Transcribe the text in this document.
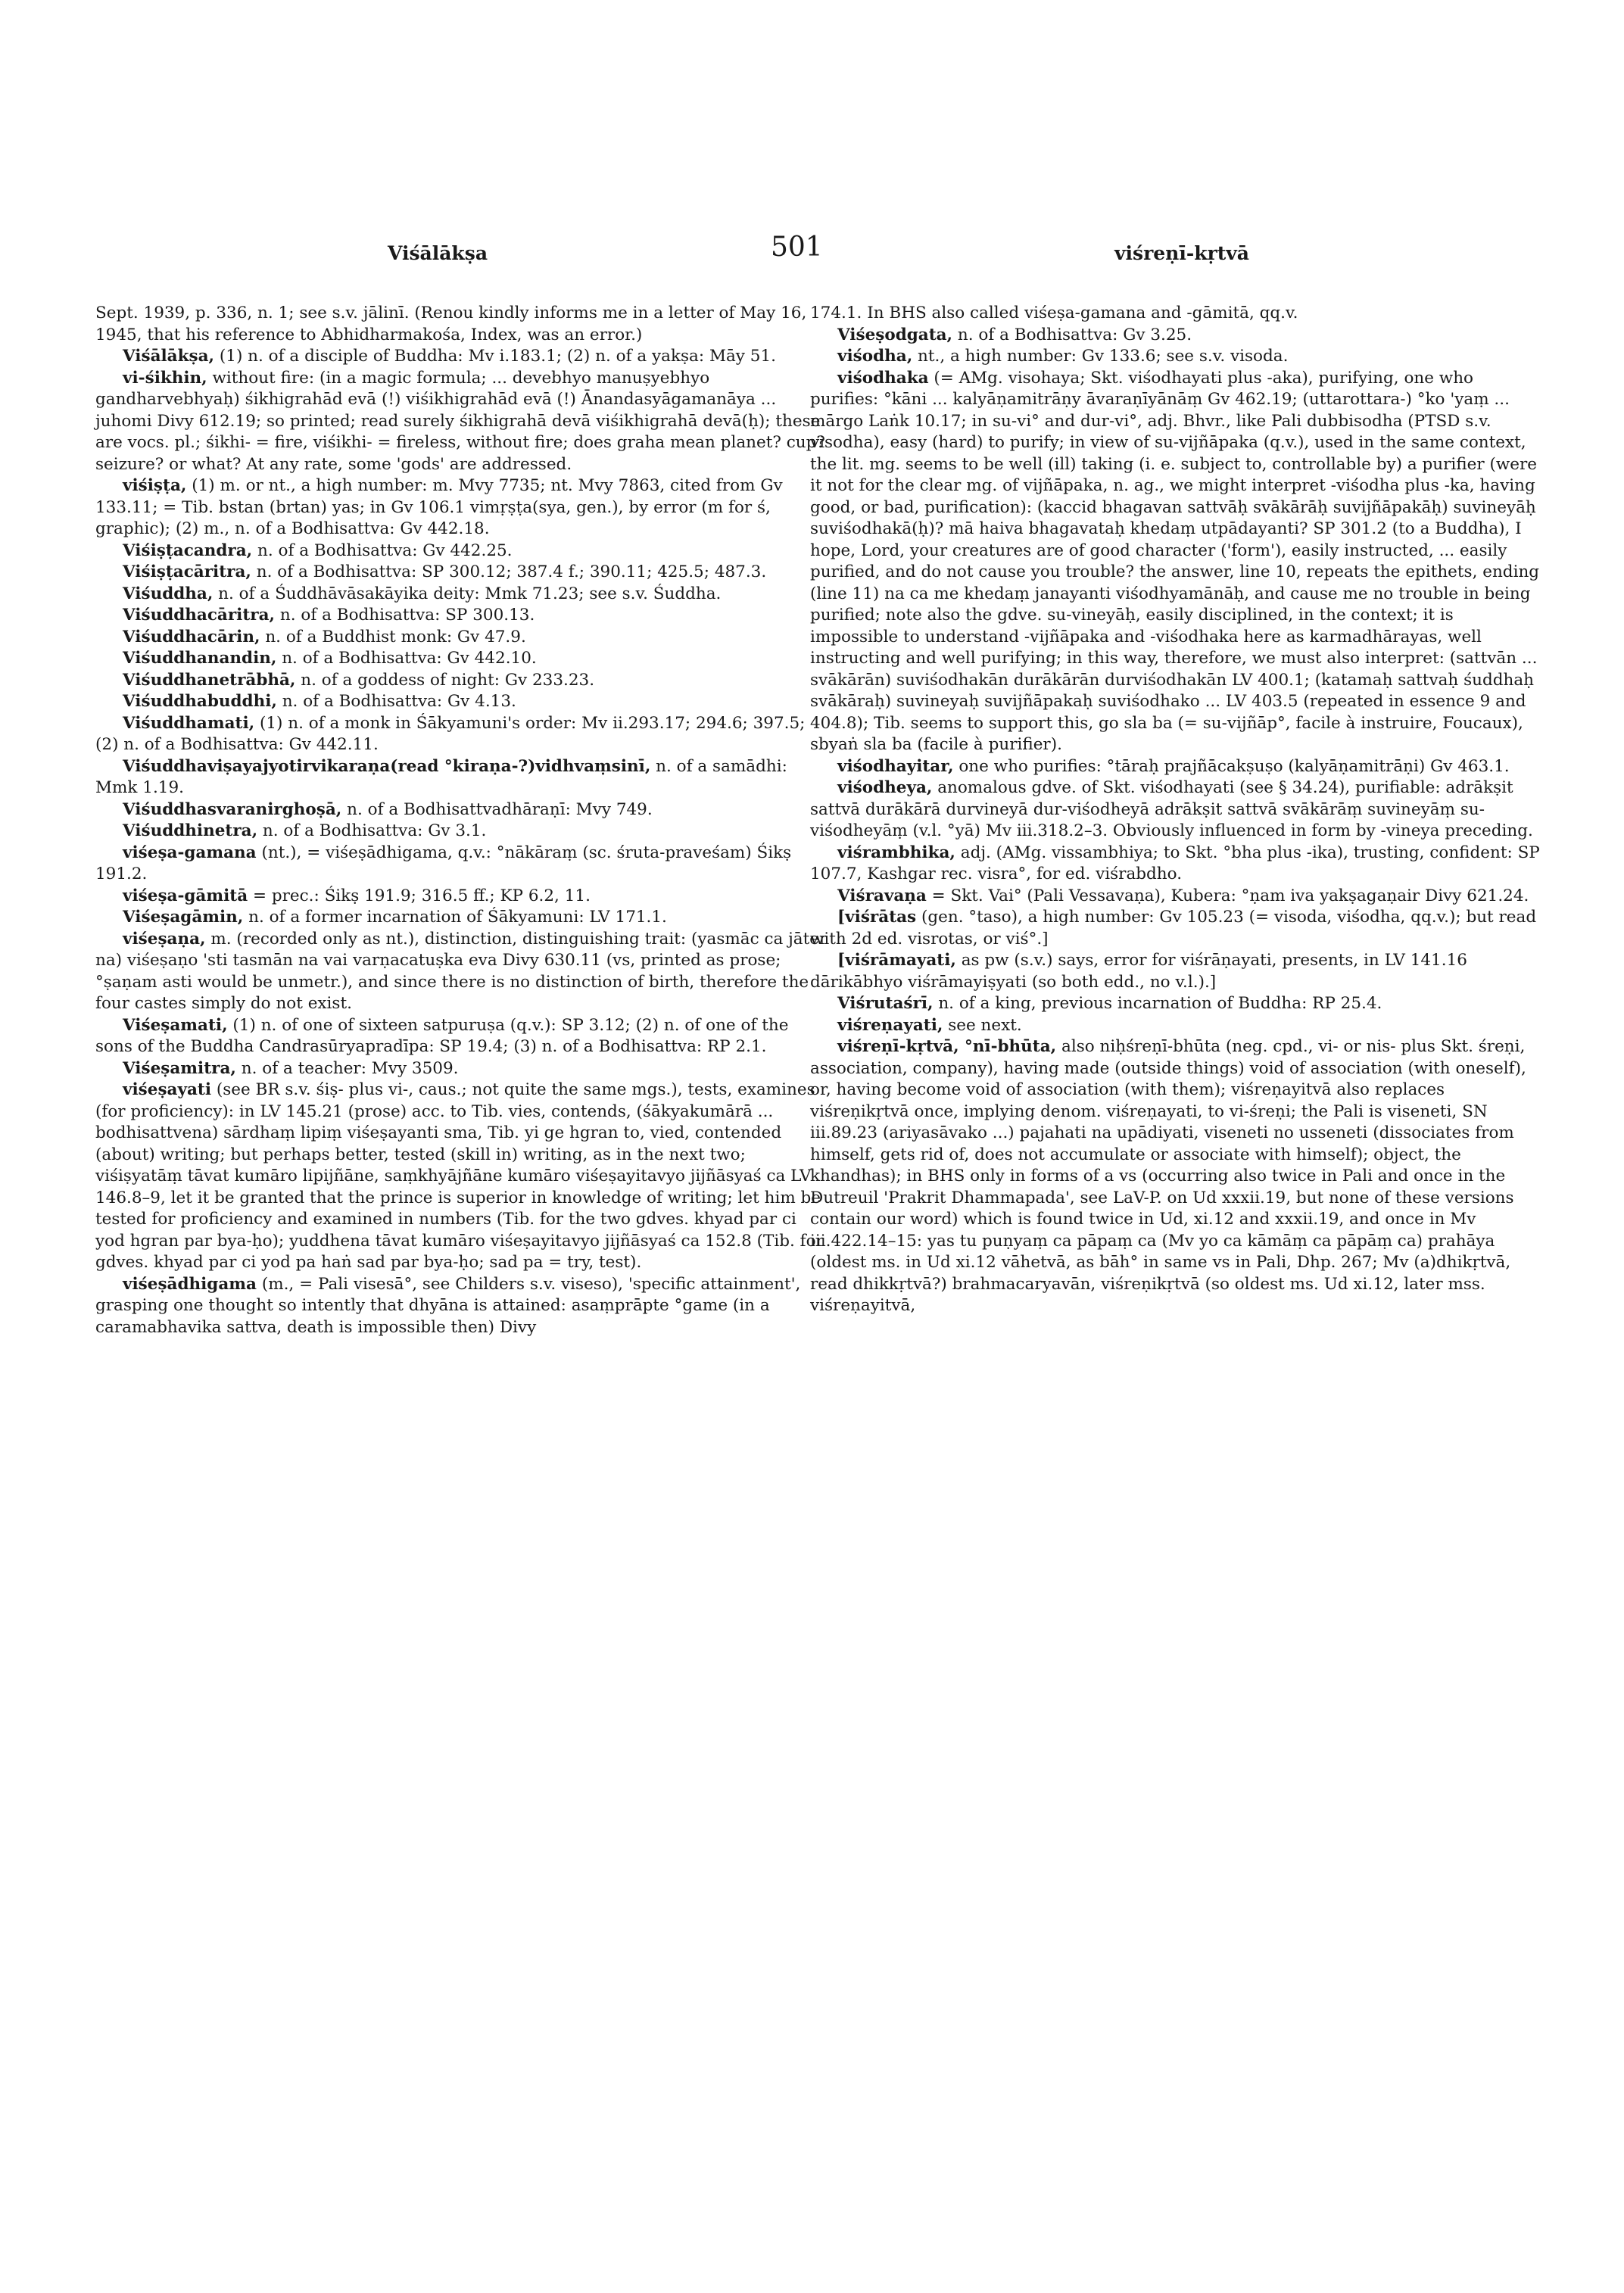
Viśālākṣa	501	viśreṇī-kṛtvā

Sept. 1939, p. 336, n. 1; see s.v. jālinī. (Renou kindly informs me in a letter of May 16, 1945, that his reference to Abhidharmakośa, Index, was an error.)

Viśālākṣa, (1) n. of a disciple of Buddha: Mv i.183.1; (2) n. of a yakṣa: Māy 51.

vi-śikhin, without fire: (in a magic formula; ... devebhyo manuṣyebhyo gandharvebhyaḥ) śikhigrahād evā (!) viśikhigrahād evā (!) Ānandasyāgamanāya ... juhomi Divy 612.19; so printed; read surely śikhigrahā devā viśikhigrahā devā(ḥ); these are vocs. pl.; śikhi- = fire, viśikhi- = fireless, without fire; does graha mean planet? cup? seizure? or what? At any rate, some 'gods' are addressed.

viśiṣṭa, (1) m. or nt., a high number: m. Mvy 7735; nt. Mvy 7863, cited from Gv 133.11; = Tib. bstan (brtan) yas; in Gv 106.1 vimṛṣṭa(sya, gen.), by error (m for ś, graphic); (2) m., n. of a Bodhisattva: Gv 442.18.

Viśiṣṭacandra, n. of a Bodhisattva: Gv 442.25.

Viśiṣṭacāritra, n. of a Bodhisattva: SP 300.12; 387.4 f.; 390.11; 425.5; 487.3.

Viśuddha, n. of a Śuddhāvāsakāyika deity: Mmk 71.23; see s.v. Śuddha.

Viśuddhacāritra, n. of a Bodhisattva: SP 300.13.

Viśuddhacārin, n. of a Buddhist monk: Gv 47.9.

Viśuddhanandin, n. of a Bodhisattva: Gv 442.10.

Viśuddhanetrābhā, n. of a goddess of night: Gv 233.23.

Viśuddhabuddhi, n. of a Bodhisattva: Gv 4.13.

Viśuddhamati, (1) n. of a monk in Śākyamuni's order: Mv ii.293.17; 294.6; 397.5; (2) n. of a Bodhisattva: Gv 442.11.

Viśuddhaviṣayajyotirvikaraṇa(read °kiraṇa-?)vidhvaṃsinī, n. of a samādhi: Mmk 1.19.

Viśuddhasvaranirghoṣā, n. of a Bodhisattvadhāraṇī: Mvy 749.

Viśuddhinetra, n. of a Bodhisattva: Gv 3.1.

viśeṣa-gamana (nt.), = viśeṣādhigama, q.v.: °nākāraṃ (sc. śruta-praveśam) Śikṣ 191.2.

viśeṣa-gāmitā = prec.: Śikṣ 191.9; 316.5 ff.; KP 6.2, 11.

Viśeṣagāmin, n. of a former incarnation of Śākyamuni: LV 171.1.

viśeṣaṇa, m. (recorded only as nt.), distinction, distinguishing trait: (yasmāc ca jāter na) viśeṣaṇo 'sti tasmān na vai varṇacatuṣka eva Divy 630.11 (vs, printed as prose; °ṣaṇam asti would be unmetr.), and since there is no distinction of birth, therefore the four castes simply do not exist.

Viśeṣamati, (1) n. of one of sixteen satpuruṣa (q.v.): SP 3.12; (2) n. of one of the sons of the Buddha Candrasūryapradīpa: SP 19.4; (3) n. of a Bodhisattva: RP 2.1.

Viśeṣamitra, n. of a teacher: Mvy 3509.

viśeṣayati (see BR s.v. śiṣ- plus vi-, caus.; not quite the same mgs.), tests, examines (for proficiency): in LV 145.21 (prose) acc. to Tib. vies, contends, (śākyakumārā ... bodhisattvena) sārdhaṃ lipiṃ viśeṣayanti sma, Tib. yi ge hgran to, vied, contended (about) writing; but perhaps better, tested (skill in) writing, as in the next two; viśiṣyatāṃ tāvat kumāro lipijñāne, saṃkhyājñāne kumāro viśeṣayitavyo jijñāsyaś ca LV 146.8–9, let it be granted that the prince is superior in knowledge of writing; let him be tested for proficiency and examined in numbers (Tib. for the two gdves. khyad par ci yod hgran par bya-ḥo); yuddhena tāvat kumāro viśeṣayitavyo jijñāsyaś ca 152.8 (Tib. for gdves. khyad par ci yod pa haṅ sad par bya-ḥo; sad pa = try, test).

viśeṣādhigama (m., = Pali visesā°, see Childers s.v. viseso), 'specific attainment', grasping one thought so intently that dhyāna is attained: asaṃprāpte °game (in a caramabhavika sattva, death is impossible then) Divy

174.1. In BHS also called viśeṣa-gamana and -gāmitā, qq.v.

Viśeṣodgata, n. of a Bodhisattva: Gv 3.25.

viśodha, nt., a high number: Gv 133.6; see s.v. visoda.

viśodhaka (= AMg. visohaya; Skt. viśodhayati plus -aka), purifying, one who purifies: °kāni ... kalyāṇamitrāṇy āvaraṇīyānāṃ Gv 462.19; (uttarottara-) °ko 'yaṃ ... mārgo Laṅk 10.17; in su-vi° and dur-vi°, adj. Bhvr., like Pali dubbisodha (PTSD s.v. visodha), easy (hard) to purify; in view of su-vijñāpaka (q.v.), used in the same context, the lit. mg. seems to be well (ill) taking (i. e. subject to, controllable by) a purifier (were it not for the clear mg. of vijñāpaka, n. ag., we might interpret -viśodha plus -ka, having good, or bad, purification): (kaccid bhagavan sattvāḥ svākārāḥ suvijñāpakāḥ) suvineyāḥ suviśodhakā(ḥ)? mā haiva bhagavataḥ khedaṃ utpādayanti? SP 301.2 (to a Buddha), I hope, Lord, your creatures are of good character ('form'), easily instructed, ... easily purified, and do not cause you trouble? the answer, line 10, repeats the epithets, ending (line 11) na ca me khedaṃ janayanti viśodhyamānāḥ, and cause me no trouble in being purified; note also the gdve. su-vineyāḥ, easily disciplined, in the context; it is impossible to understand -vijñāpaka and -viśodhaka here as karmadhārayas, well instructing and well purifying; in this way, therefore, we must also interpret: (sattvān ... svākārān) suviśodhakān durākārān durviśodhakān LV 400.1; (katamaḥ sattvaḥ śuddhaḥ svākāraḥ) suvineyaḥ suvijñāpakaḥ suviśodhako ... LV 403.5 (repeated in essence 9 and 404.8); Tib. seems to support this, go sla ba (= su-vijñāp°, facile à instruire, Foucaux), sbyaṅ sla ba (facile à purifier).

viśodhayitar, one who purifies: °tāraḥ prajñācakṣuṣo (kalyāṇamitrāṇi) Gv 463.1.

viśodheya, anomalous gdve. of Skt. viśodhayati (see § 34.24), purifiable: adrākṣit sattvā durākārā durvineyā dur-viśodheyā adrākṣit sattvā svākārāṃ suvineyāṃ su-viśodheyāṃ (v.l. °yā) Mv iii.318.2–3. Obviously influenced in form by -vineya preceding.

viśrambhika, adj. (AMg. vissambhiya; to Skt. °bha plus -ika), trusting, confident: SP 107.7, Kashgar rec. visra°, for ed. viśrabdho.

Viśravaṇa = Skt. Vai° (Pali Vessavaṇa), Kubera: °ṇam iva yakṣagaṇair Divy 621.24.

[viśrātas (gen. °taso), a high number: Gv 105.23 (= visoda, viśodha, qq.v.); but read with 2d ed. visrotas, or viś°.]

[viśrāmayati, as pw (s.v.) says, error for viśrāṇayati, presents, in LV 141.16 dārikābhyo viśrāmayiṣyati (so both edd., no v.l.).]

Viśrutaśrī, n. of a king, previous incarnation of Buddha: RP 25.4.

viśreṇayati, see next.

viśreṇī-kṛtvā, °nī-bhūta, also niḥśreṇī-bhūta (neg. cpd., vi- or nis- plus Skt. śreṇi, association, company), having made (outside things) void of association (with oneself), or, having become void of association (with them); viśreṇayitvā also replaces viśreṇikṛtvā once, implying denom. viśreṇayati, to vi-śreṇi; the Pali is viseneti, SN iii.89.23 (ariyasāvako ...) pajahati na upādiyati, viseneti no usseneti (dissociates from himself, gets rid of, does not accumulate or associate with himself); object, the khandhas); in BHS only in forms of a vs (occurring also twice in Pali and once in the Dutreuil 'Prakrit Dhammapada', see LaV-P. on Ud xxxii.19, but none of these versions contain our word) which is found twice in Ud, xi.12 and xxxii.19, and once in Mv iii.422.14–15: yas tu puṇyaṃ ca pāpaṃ ca (Mv yo ca kāmāṃ ca pāpāṃ ca) prahāya (oldest ms. in Ud xi.12 vāhetvā, as bāh° in same vs in Pali, Dhp. 267; Mv (a)dhikṛtvā, read dhikkṛtvā?) brahmacaryavān, viśreṇikṛtvā (so oldest ms. Ud xi.12, later mss. viśreṇayitvā,
